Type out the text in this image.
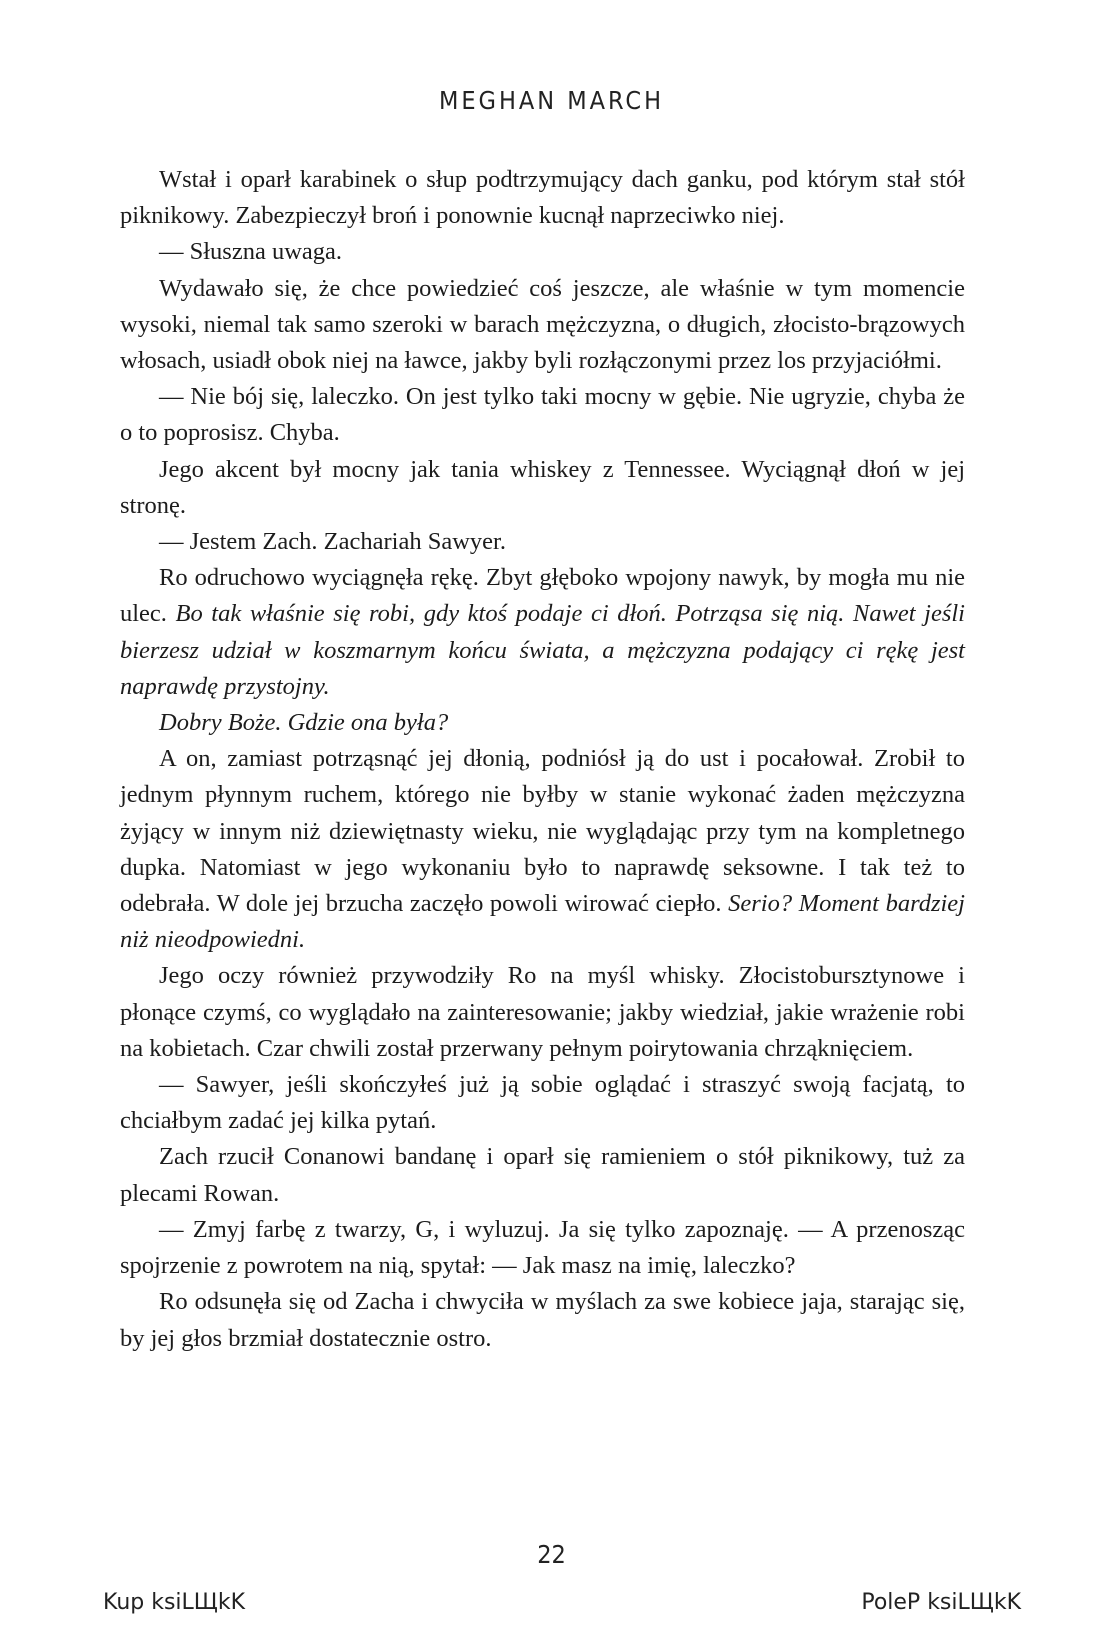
MEGHAN MARCH

Wstał i oparł karabinek o słup podtrzymujący dach ganku, pod którym stał stół piknikowy. Zabezpieczył broń i ponownie kucnął naprzeciwko niej.

— Słuszna uwaga.

Wydawało się, że chce powiedzieć coś jeszcze, ale właśnie w tym momencie wysoki, niemal tak samo szeroki w barach mężczyzna, o długich, złocisto-brązowych włosach, usiadł obok niej na ławce, jakby byli rozłączonymi przez los przyjaciółmi.

— Nie bój się, laleczko. On jest tylko taki mocny w gębie. Nie ugryzie, chyba że o to poprosisz. Chyba.

Jego akcent był mocny jak tania whiskey z Tennessee. Wyciągnął dłoń w jej stronę.

— Jestem Zach. Zachariah Sawyer.

Ro odruchowo wyciągnęła rękę. Zbyt głęboko wpojony nawyk, by mogła mu nie ulec. Bo tak właśnie się robi, gdy ktoś podaje ci dłoń. Potrząsa się nią. Nawet jeśli bierzesz udział w koszmarnym końcu świata, a mężczyzna podający ci rękę jest naprawdę przystojny.

Dobry Boże. Gdzie ona była?

A on, zamiast potrząsnąć jej dłonią, podniósł ją do ust i pocałował. Zrobił to jednym płynnym ruchem, którego nie byłby w stanie wykonać żaden mężczyzna żyjący w innym niż dziewiętnasty wieku, nie wyglądając przy tym na kompletnego dupka. Natomiast w jego wykonaniu było to naprawdę seksowne. I tak też to odebrała. W dole jej brzucha zaczęło powoli wirować ciepło. Serio? Moment bardziej niż nieodpowiedni.

Jego oczy również przywodziły Ro na myśl whisky. Złocistobursztynowe i płonące czymś, co wyglądało na zainteresowanie; jakby wiedział, jakie wrażenie robi na kobietach. Czar chwili został przerwany pełnym poirytowania chrząknięciem.

— Sawyer, jeśli skończyłeś już ją sobie oglądać i straszyć swoją facjatą, to chciałbym zadać jej kilka pytań.

Zach rzucił Conanowi bandanę i oparł się ramieniem o stół piknikowy, tuż za plecami Rowan.

— Zmyj farbę z twarzy, G, i wyluzuj. Ja się tylko zapoznaję. — A przenosząc spojrzenie z powrotem na nią, spytał: — Jak masz na imię, laleczko?

Ro odsunęła się od Zacha i chwyciła w myślach za swe kobiece jaja, starając się, by jej głos brzmiał dostatecznie ostro.

22
Kup ksiLЩkK	PoleP ksiLЩkK
